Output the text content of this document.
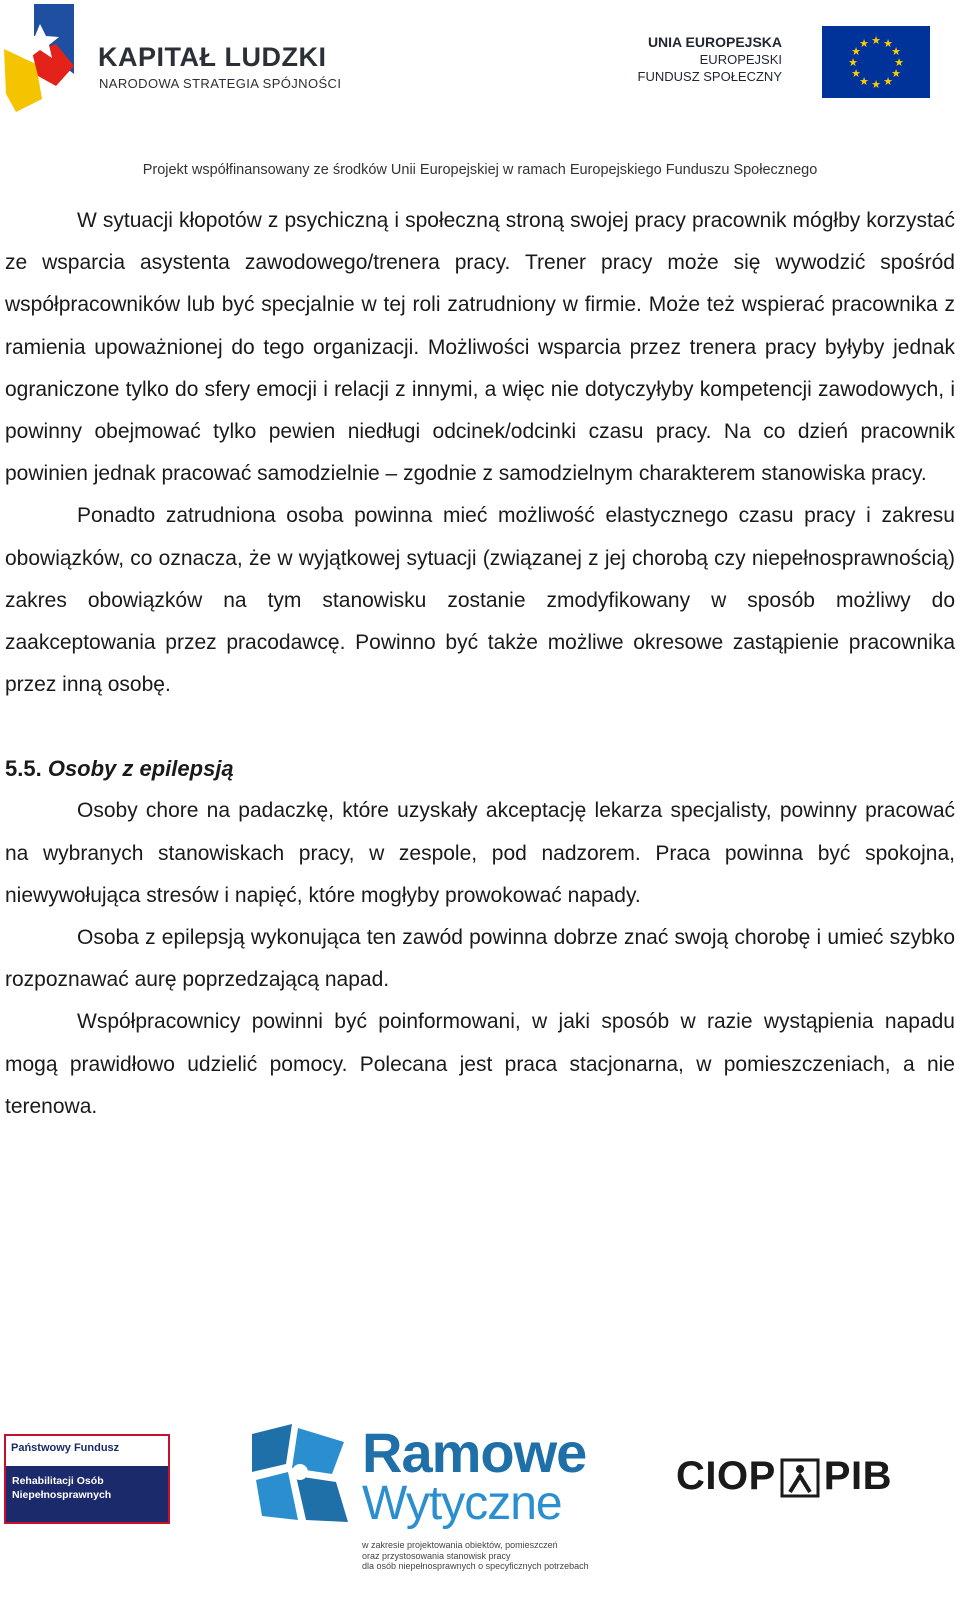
KAPITAŁ LUDZKI
NARODOWA STRATEGIA SPÓJNOŚCI
UNIA EUROPEJSKA
EUROPEJSKI
FUNDUSZ SPOŁECZNY
★ ★
★
★
★
★
★
★
★
★
★
★
Projekt współfinansowany ze środków Unii Europejskiej w ramach Europejskiego Funduszu Społecznego

W sytuacji kłopotów z psychiczną i społeczną stroną swojej pracy pracownik mógłby korzystać ze wsparcia asystenta zawodowego/trenera pracy. Trener pracy może się wywodzić spośród współpracowników lub być specjalnie w tej roli zatrudniony w firmie. Może też wspierać pracownika z ramienia upoważnionej do tego organizacji. Możliwości wsparcia przez trenera pracy byłyby jednak ograniczone tylko do sfery emocji i relacji z innymi, a więc nie dotyczyłyby kompetencji zawodowych, i powinny obejmować tylko pewien niedługi odcinek/odcinki czasu pracy. Na co dzień pracownik powinien jednak pracować samodzielnie – zgodnie z samodzielnym charakterem stanowiska pracy.

Ponadto zatrudniona osoba powinna mieć możliwość elastycznego czasu pracy i zakresu obowiązków, co oznacza, że w wyjątkowej sytuacji (związanej z jej chorobą czy niepełnosprawnością) zakres obowiązków na tym stanowisku zostanie zmodyfikowany w sposób możliwy do zaakceptowania przez pracodawcę. Powinno być także możliwe okresowe zastąpienie pracownika przez inną osobę.

5.5. Osoby z epilepsją

Osoby chore na padaczkę, które uzyskały akceptację lekarza specjalisty, powinny pracować na wybranych stanowiskach pracy, w zespole, pod nadzorem. Praca powinna być spokojna, niewywołująca stresów i napięć, które mogłyby prowokować napady.

Osoba z epilepsją wykonująca ten zawód powinna dobrze znać swoją chorobę i umieć szybko rozpoznawać aurę poprzedzającą napad.

Współpracownicy powinni być poinformowani, w jaki sposób w razie wystąpienia napadu mogą prawidłowo udzielić pomocy. Polecana jest praca stacjonarna, w pomieszczeniach, a nie terenowa.

Państwowy Fundusz
Rehabilitacji Osób
Niepełnosprawnych
Ramowe
Wytyczne
w zakresie projektowania obiektów, pomieszczeń
oraz przystosowania stanowisk pracy
dla osób niepełnosprawnych o specyficznych potrzebach
CIOP PIB
